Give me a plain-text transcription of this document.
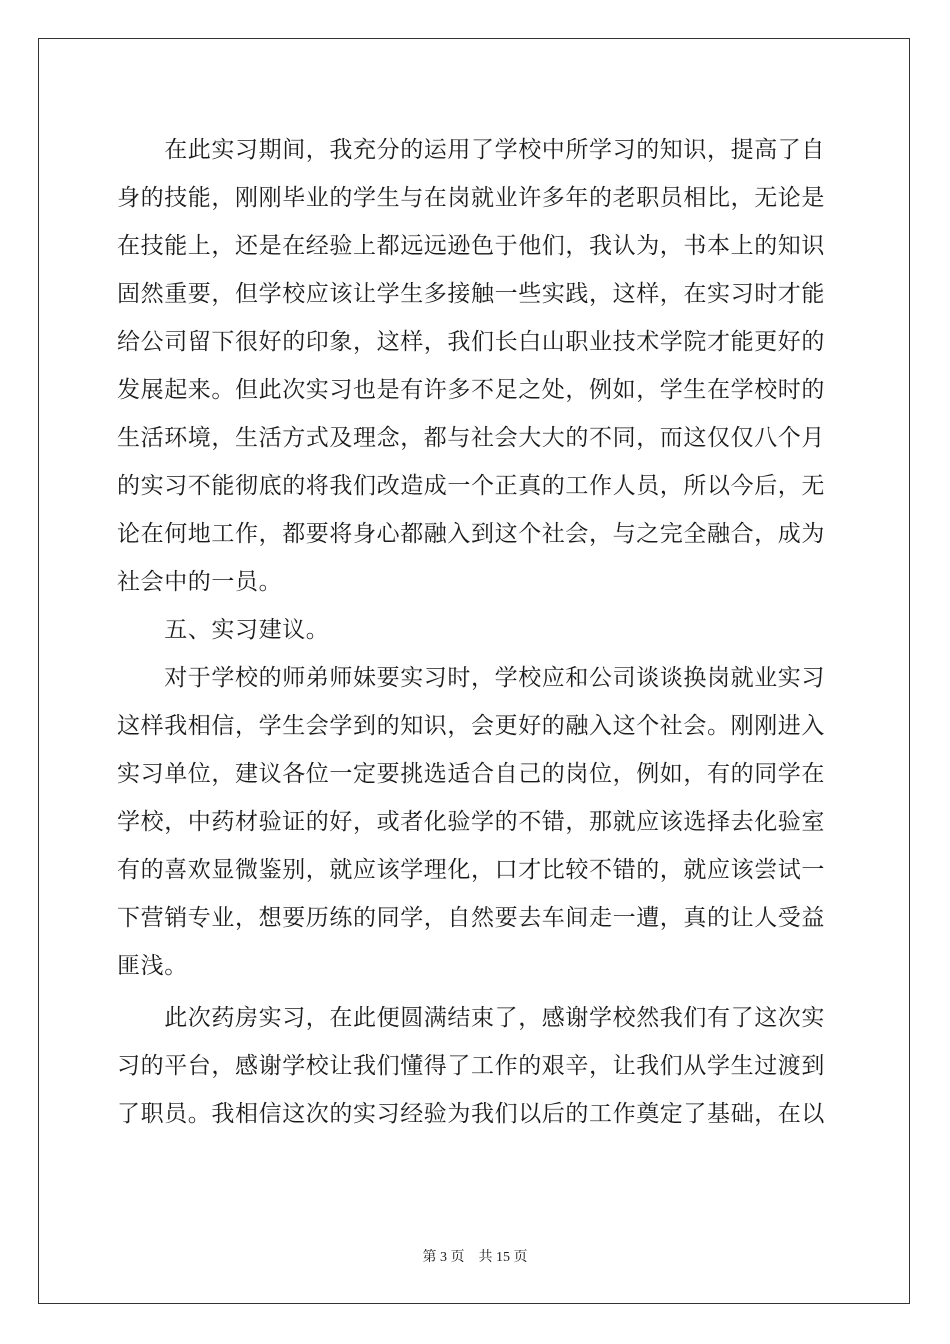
　　在此实习期间，我充分的运用了学校中所学习的知识，提高了自
身的技能，刚刚毕业的学生与在岗就业许多年的老职员相比，无论是
在技能上，还是在经验上都远远逊色于他们，我认为，书本上的知识
固然重要，但学校应该让学生多接触一些实践，这样，在实习时才能
给公司留下很好的印象，这样，我们长白山职业技术学院才能更好的
发展起来。但此次实习也是有许多不足之处，例如，学生在学校时的
生活环境，生活方式及理念，都与社会大大的不同，而这仅仅八个月
的实习不能彻底的将我们改造成一个正真的工作人员，所以今后，无
论在何地工作，都要将身心都融入到这个社会，与之完全融合，成为
社会中的一员。
　　五、实习建议。
　　对于学校的师弟师妹要实习时，学校应和公司谈谈换岗就业实习
这样我相信，学生会学到的知识，会更好的融入这个社会。刚刚进入
实习单位，建议各位一定要挑选适合自己的岗位，例如，有的同学在
学校，中药材验证的好，或者化验学的不错，那就应该选择去化验室
有的喜欢显微鉴别，就应该学理化，口才比较不错的，就应该尝试一
下营销专业，想要历练的同学，自然要去车间走一遭，真的让人受益
匪浅。
　　此次药房实习，在此便圆满结束了，感谢学校然我们有了这次实
习的平台，感谢学校让我们懂得了工作的艰辛，让我们从学生过渡到
了职员。我相信这次的实习经验为我们以后的工作奠定了基础，在以
第 3 页　共 15 页
